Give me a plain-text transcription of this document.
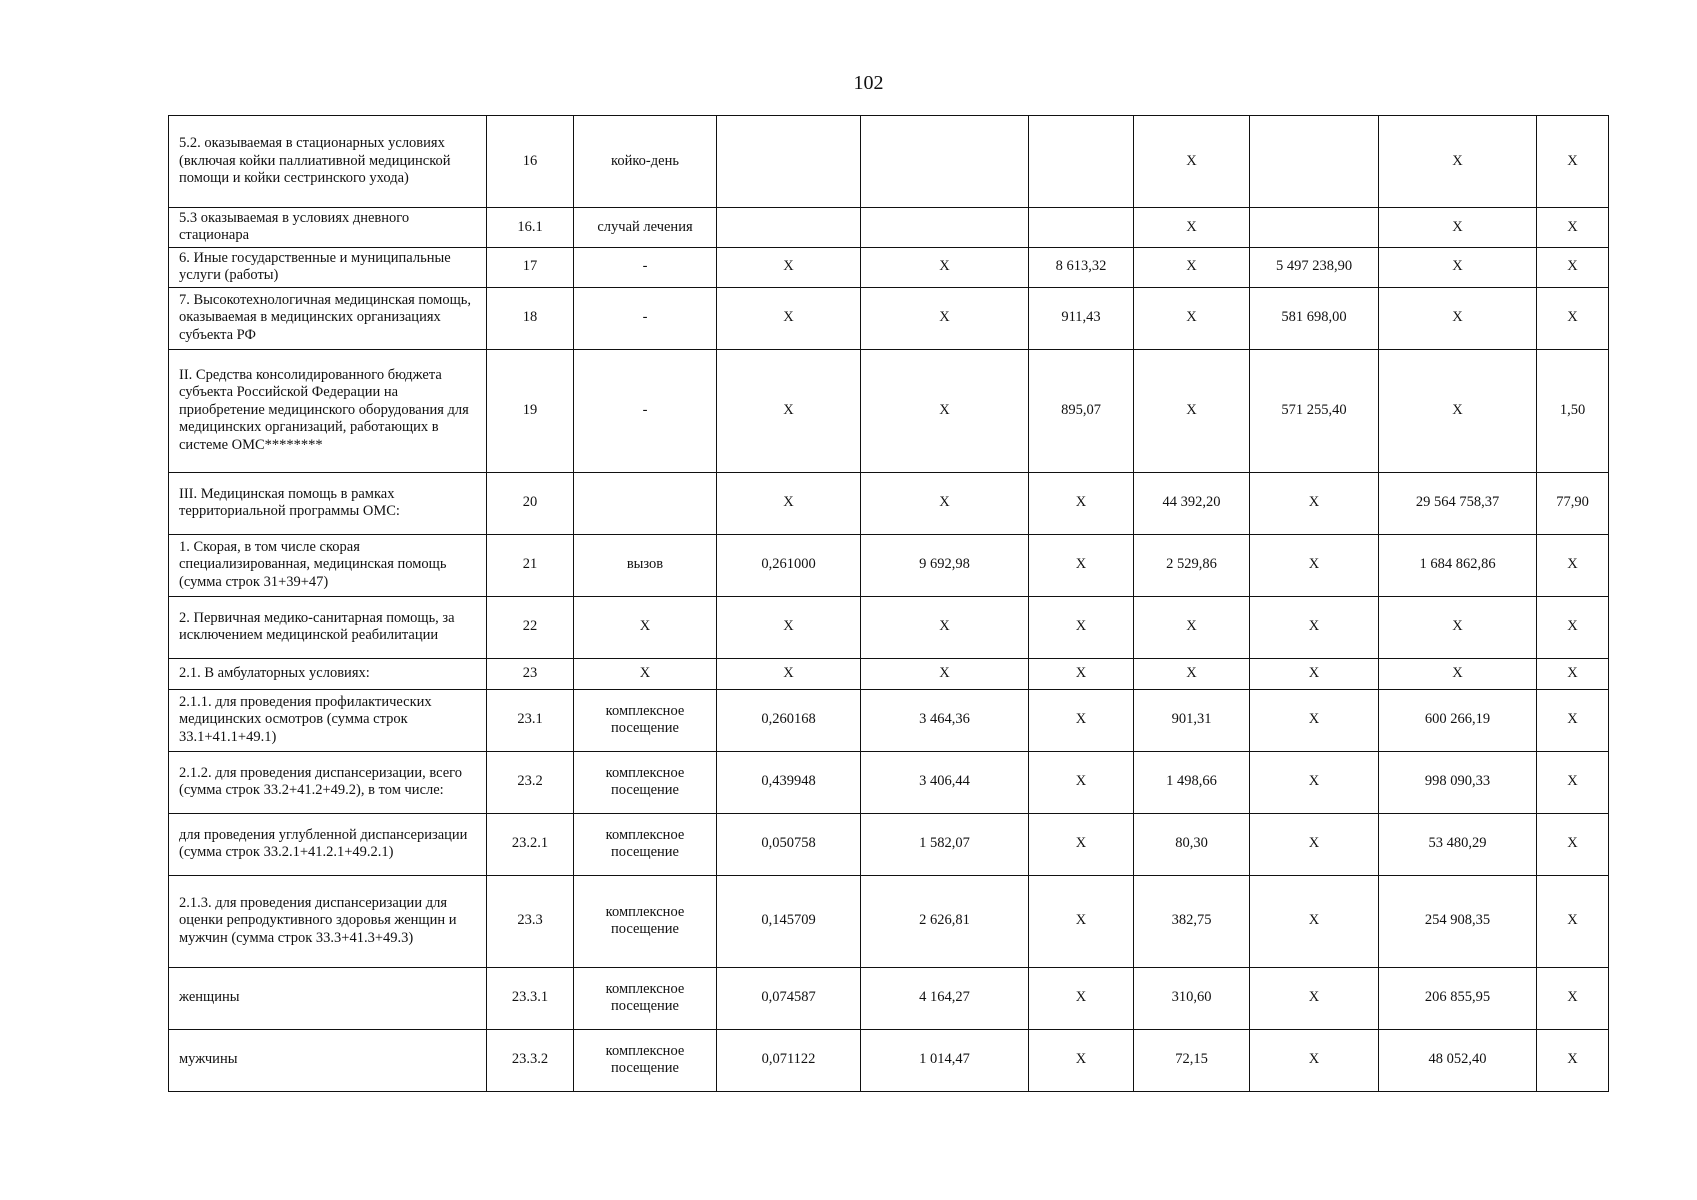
102
5.2. оказываемая в стационарных условиях (включая койки паллиативной медицинской помощи и койки сестринского ухода)	16	койко-день				X		X	X
5.3 оказываемая в условиях дневного стационара	16.1	случай лечения				X		X	X
6. Иные государственные и муниципальные услуги (работы)	17	-	X	X	8 613,32	X	5 497 238,90	X	X
7. Высокотехнологичная медицинская помощь, оказываемая в медицинских организациях субъекта РФ	18	-	X	X	911,43	X	581 698,00	X	X
II. Средства консолидированного бюджета субъекта Российской Федерации на приобретение медицинского оборудования для медицинских организаций, работающих в системе ОМС********	19	-	X	X	895,07	X	571 255,40	X	1,50
III. Медицинская помощь в рамках территориальной программы ОМС:	20		X	X	X	44 392,20	X	29 564 758,37	77,90
1. Скорая, в том числе скорая специализированная, медицинская помощь (сумма строк 31+39+47)	21	вызов	0,261000	9 692,98	X	2 529,86	X	1 684 862,86	X
2. Первичная медико-санитарная помощь, за исключением медицинской реабилитации	22	X	X	X	X	X	X	X	X
2.1. В амбулаторных условиях:	23	X	X	X	X	X	X	X	X
2.1.1. для проведения профилактических медицинских осмотров (сумма строк 33.1+41.1+49.1)	23.1	комплексное посещение	0,260168	3 464,36	X	901,31	X	600 266,19	X
2.1.2. для проведения диспансеризации, всего (сумма строк 33.2+41.2+49.2), в том числе:	23.2	комплексное посещение	0,439948	3 406,44	X	1 498,66	X	998 090,33	X
для проведения углубленной диспансеризации (сумма строк 33.2.1+41.2.1+49.2.1)	23.2.1	комплексное посещение	0,050758	1 582,07	X	80,30	X	53 480,29	X
2.1.3. для проведения диспансеризации для оценки репродуктивного здоровья женщин и мужчин (сумма строк 33.3+41.3+49.3)	23.3	комплексное посещение	0,145709	2 626,81	X	382,75	X	254 908,35	X
женщины	23.3.1	комплексное посещение	0,074587	4 164,27	X	310,60	X	206 855,95	X
мужчины	23.3.2	комплексное посещение	0,071122	1 014,47	X	72,15	X	48 052,40	X
